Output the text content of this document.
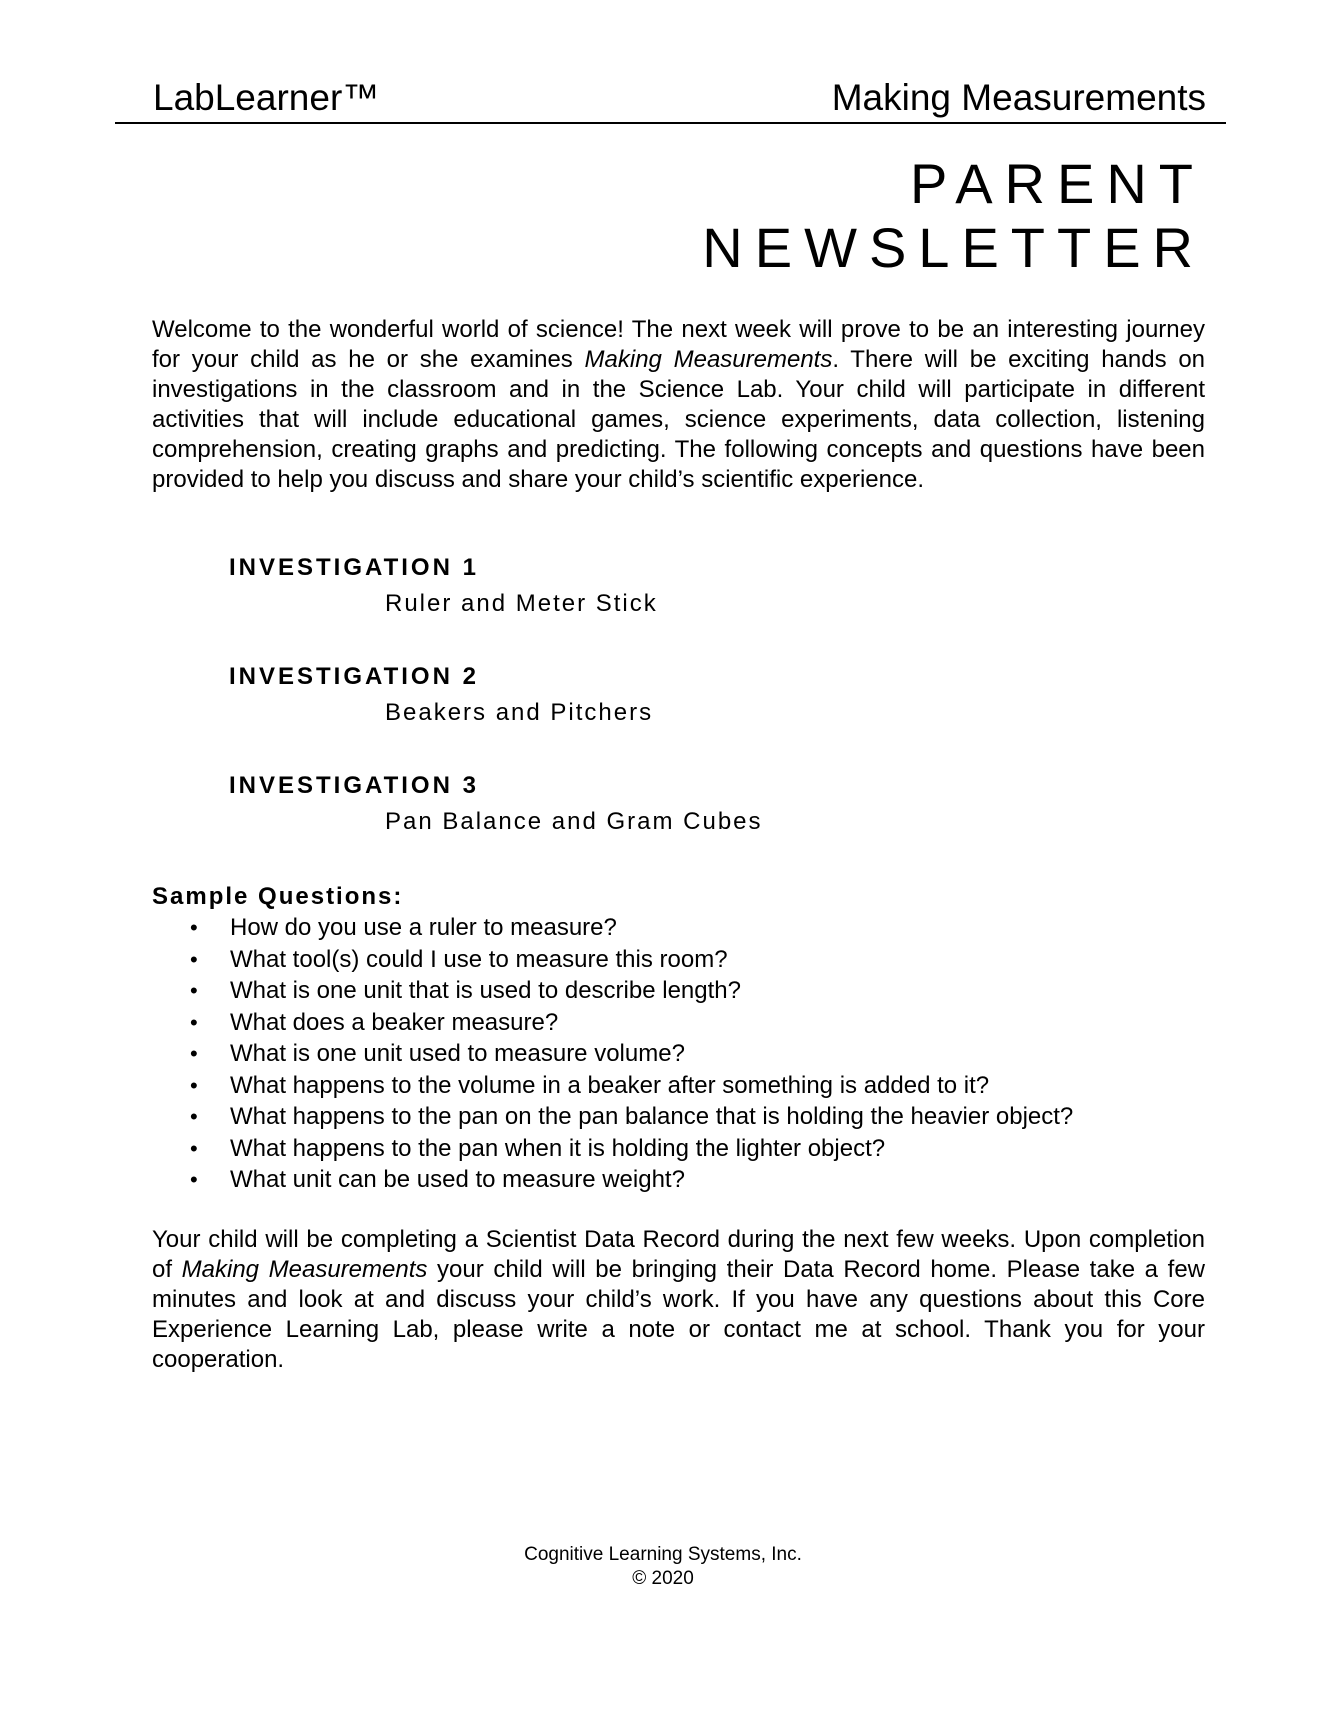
LabLearner™	Making Measurements
PARENT
NEWSLETTER
Welcome to the wonderful world of science! The next week will prove to be an interesting journey for your child as he or she examines Making Measurements. There will be exciting hands on investigations in the classroom and in the Science Lab. Your child will participate in different activities that will include educational games, science experiments, data collection, listening comprehension, creating graphs and predicting. The following concepts and questions have been provided to help you discuss and share your child’s scientific experience.
INVESTIGATION 1
Ruler and Meter Stick
INVESTIGATION 2
Beakers and Pitchers
INVESTIGATION 3
Pan Balance and Gram Cubes
Sample Questions:
•	How do you use a ruler to measure?
•	What tool(s) could I use to measure this room?
•	What is one unit that is used to describe length?
•	What does a beaker measure?
•	What is one unit used to measure volume?
•	What happens to the volume in a beaker after something is added to it?
•	What happens to the pan on the pan balance that is holding the heavier object?
•	What happens to the pan when it is holding the lighter object?
•	What unit can be used to measure weight?
Your child will be completing a Scientist Data Record during the next few weeks. Upon completion of Making Measurements your child will be bringing their Data Record home. Please take a few minutes and look at and discuss your child’s work. If you have any questions about this Core Experience Learning Lab, please write a note or contact me at school. Thank you for your cooperation.
Cognitive Learning Systems, Inc.
© 2020
